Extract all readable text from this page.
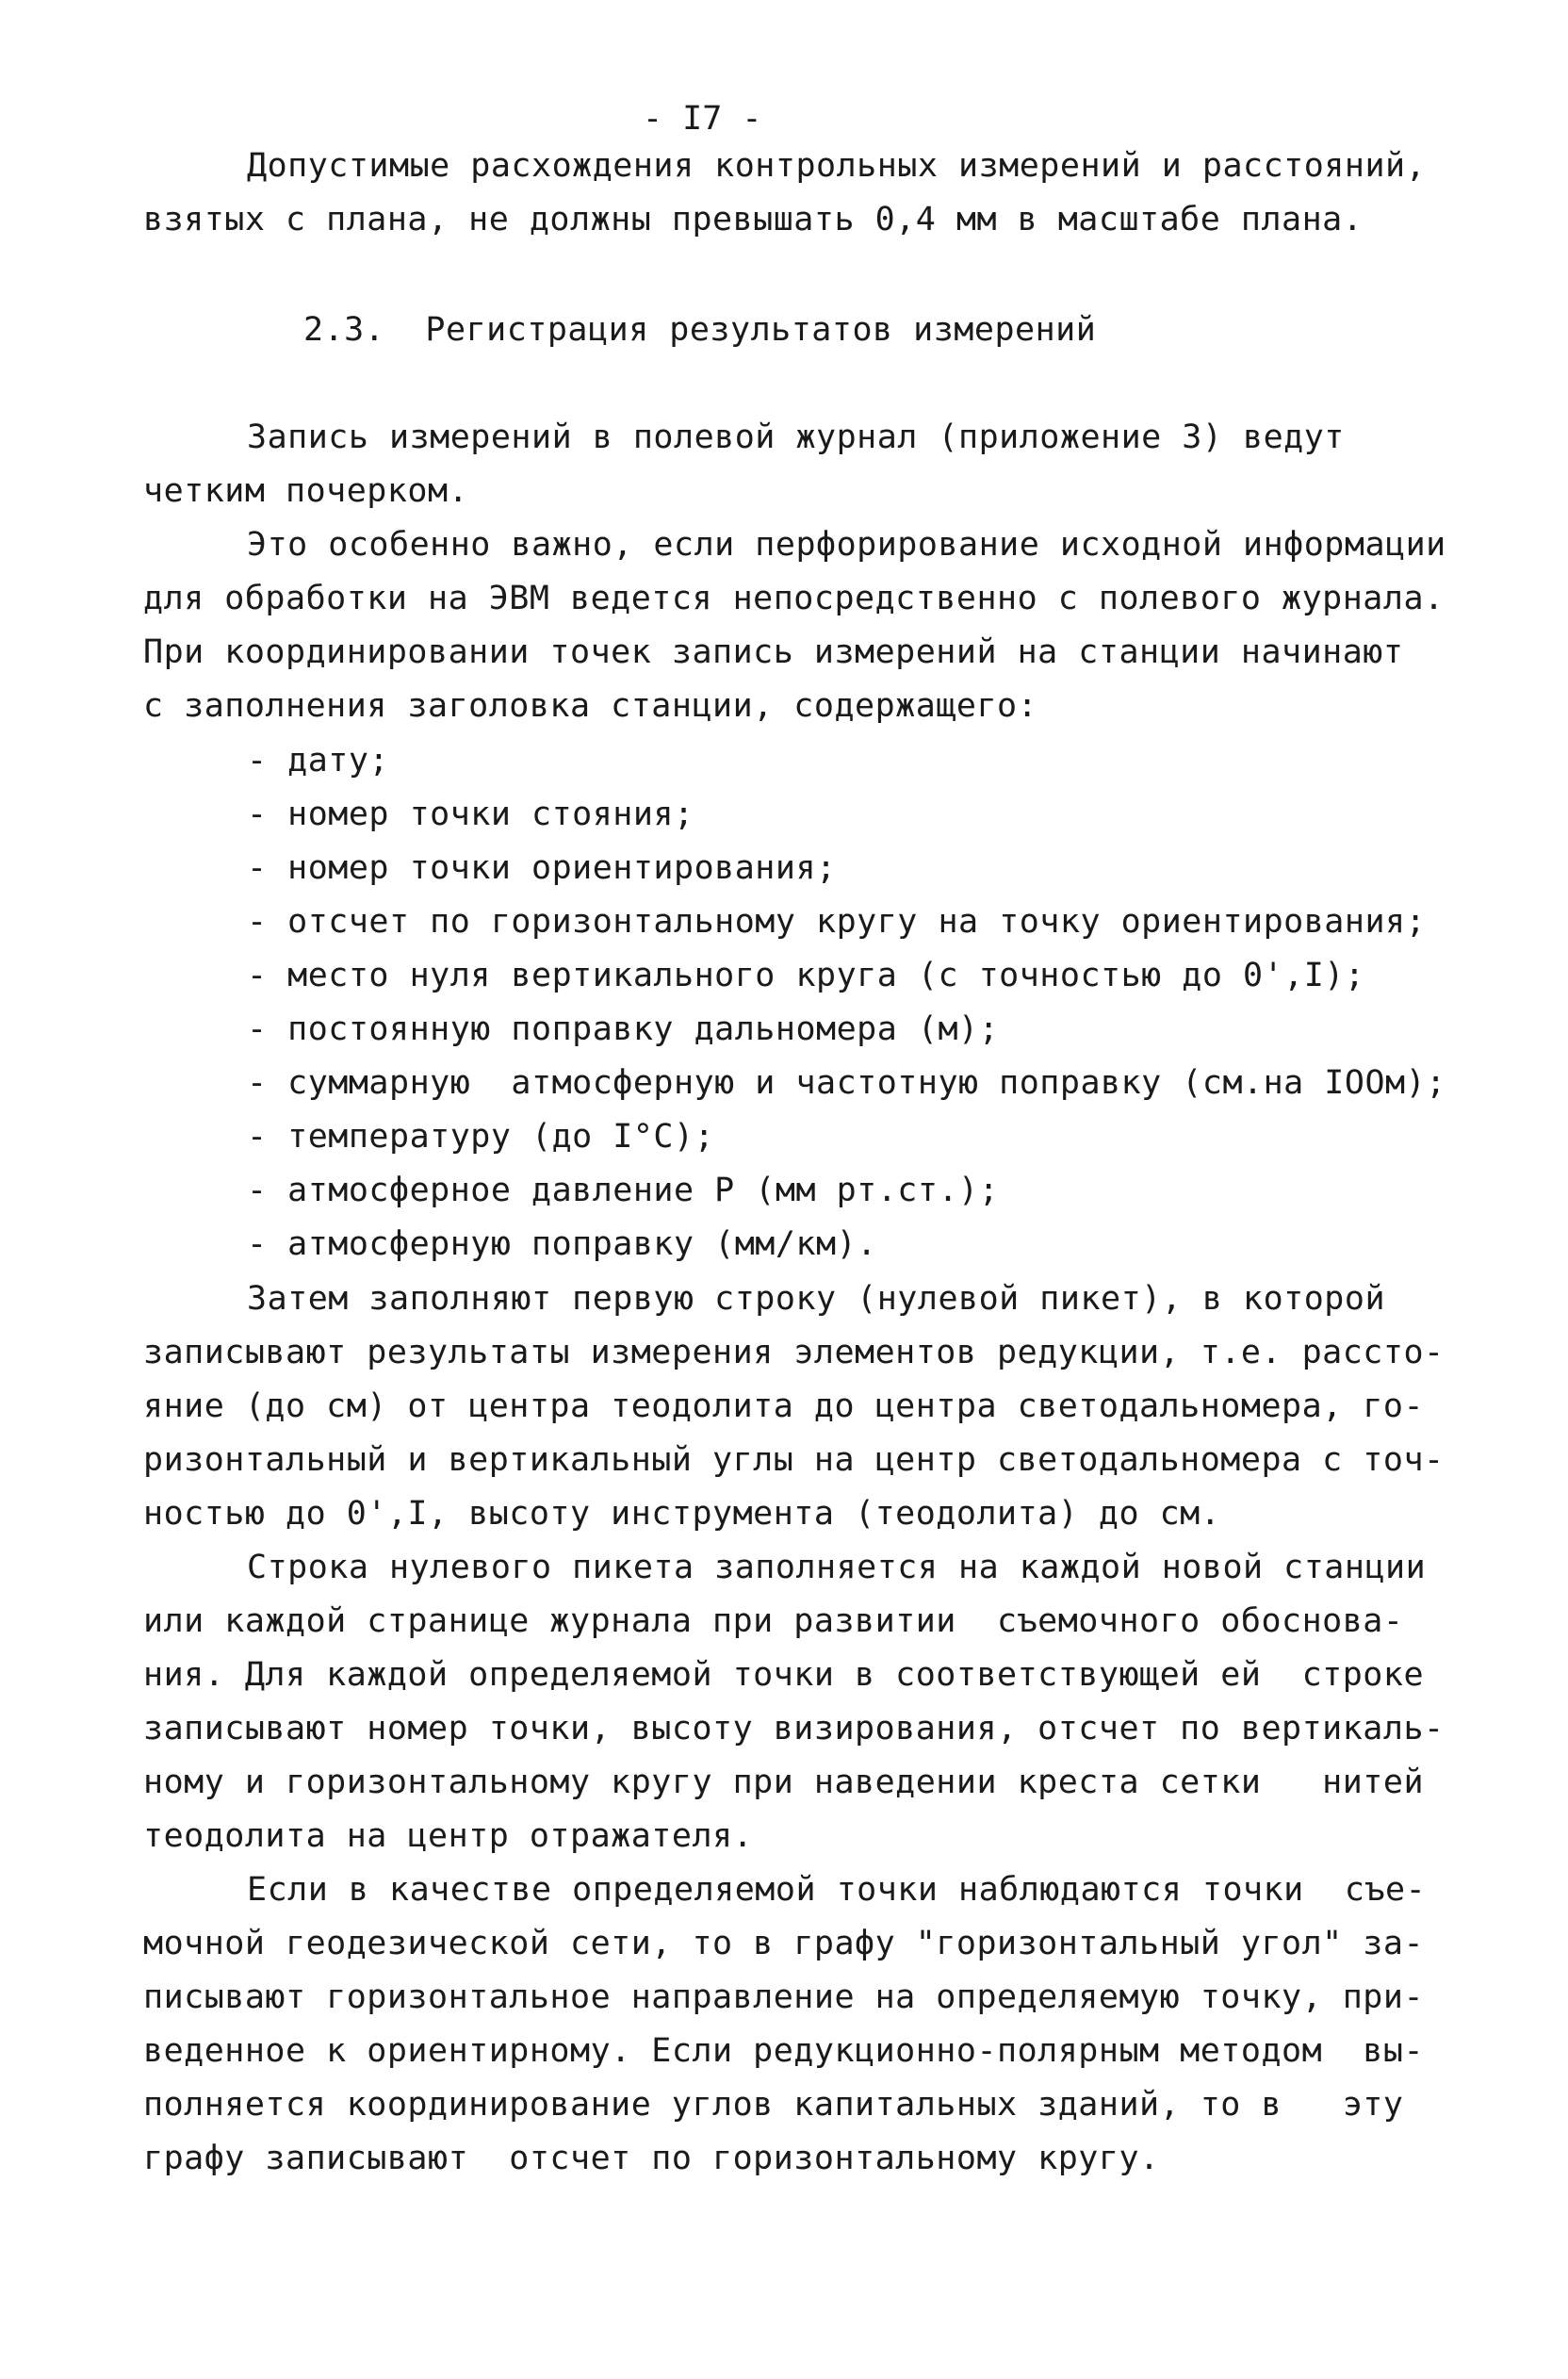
- I7 -
Допустимые расхождения контрольных измерений и расстояний,
взятых с плана, не должны превышать 0,4 мм в масштабе плана.
2.3.  Регистрация результатов измерений
Запись измерений в полевой журнал (приложение 3) ведут
четким почерком.
Это особенно важно, если перфорирование исходной информации
для обработки на ЭВМ ведется непосредственно с полевого журнала.
При координировании точек запись измерений на станции начинают
с заполнения заголовка станции, содержащего:
- дату;
- номер точки стояния;
- номер точки ориентирования;
- отсчет по горизонтальному кругу на точку ориентирования;
- место нуля вертикального круга (с точностью до 0',I);
- постоянную поправку дальномера (м);
- суммарную  атмосферную и частотную поправку (см.на IOOм);
- температуру (до I°C);
- атмосферное давление P (мм рт.ст.);
- атмосферную поправку (мм/км).
Затем заполняют первую строку (нулевой пикет), в которой
записывают результаты измерения элементов редукции, т.е. рассто-
яние (до см) от центра теодолита до центра светодальномера, го-
ризонтальный и вертикальный углы на центр светодальномера с точ-
ностью до 0',I, высоту инструмента (теодолита) до см.
Строка нулевого пикета заполняется на каждой новой станции
или каждой странице журнала при развитии  съемочного обоснова-
ния. Для каждой определяемой точки в соответствующей ей  строке
записывают номер точки, высоту визирования, отсчет по вертикаль-
ному и горизонтальному кругу при наведении креста сетки   нитей
теодолита на центр отражателя.
Если в качестве определяемой точки наблюдаются точки  съе-
мочной геодезической сети, то в графу "горизонтальный угол" за-
писывают горизонтальное направление на определяемую точку, при-
веденное к ориентирному. Если редукционно-полярным методом  вы-
полняется координирование углов капитальных зданий, то в   эту
графу записывают  отсчет по горизонтальному кругу.
